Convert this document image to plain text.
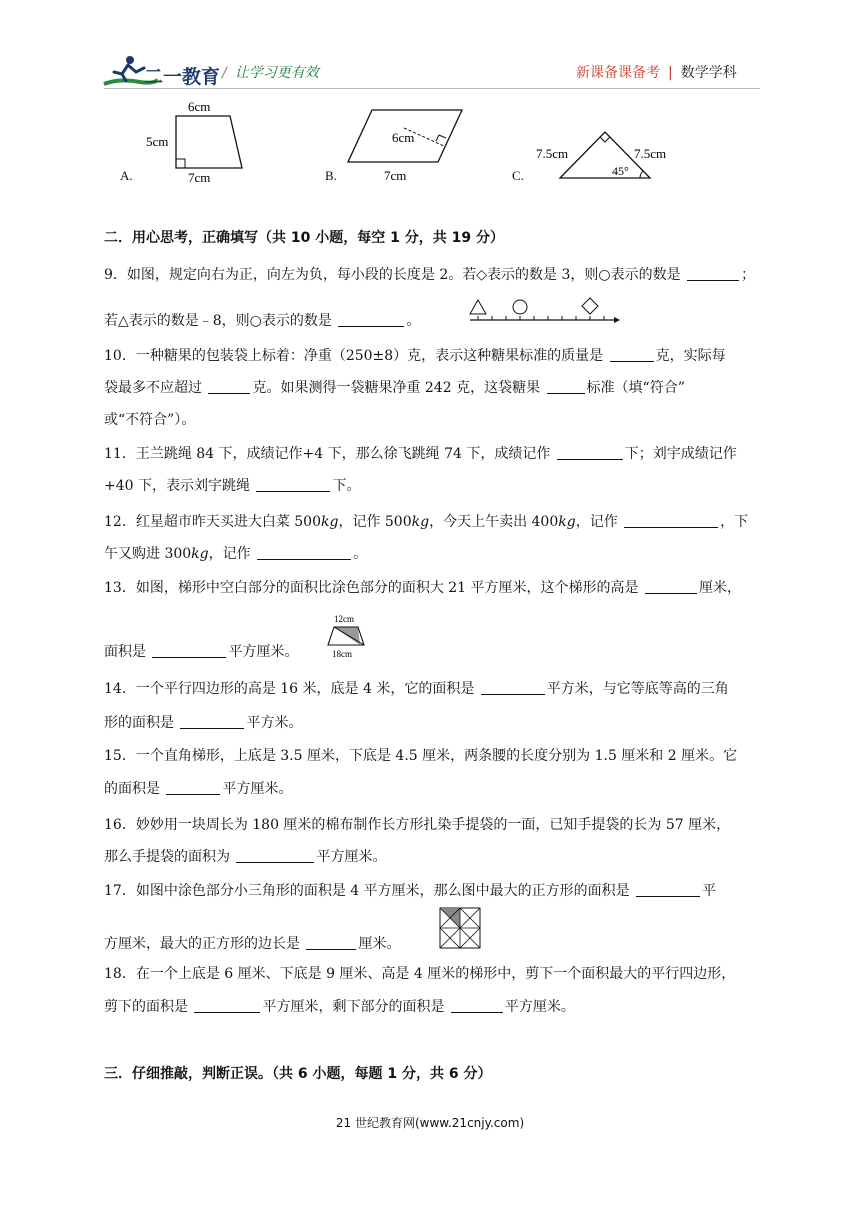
二一教育 / 让学习更有效	新课备课备考 | 数学学科
A.
6cm
5cm
7cm	B.
6cm
7cm	C.
7.5cm	7.5cm
45°
二．用心思考，正确填写（共 10 小题，每空 1 分，共 19 分）
9．如图，规定向右为正，向左为负，每小段的长度是 2。若◇表示的数是 3，则○表示的数是	；
若△表示的数是﹣8，则○表示的数是	。
10．一种糖果的包装袋上标着：净重（250±8）克，表示这种糖果标准的质量是	克，实际每
袋最多不应超过	克。如果测得一袋糖果净重 242 克，这袋糖果	标准（填“符合”
或“不符合”）。
11．王兰跳绳 84 下，成绩记作+4 下，那么徐飞跳绳 74 下，成绩记作	下；刘宇成绩记作
+40 下，表示刘宇跳绳	下。
12．红星超市昨天买进大白菜 500kg，记作 500kg，今天上午卖出 400kg，记作	，下
午又购进 300kg，记作	。
13．如图，梯形中空白部分的面积比涂色部分的面积大 21 平方厘米，这个梯形的高是	厘米，
面积是	平方厘米。
12cm
18cm
14．一个平行四边形的高是 16 米，底是 4 米，它的面积是	平方米，与它等底等高的三角
形的面积是	平方米。
15．一个直角梯形，上底是 3.5 厘米，下底是 4.5 厘米，两条腰的长度分别为 1.5 厘米和 2 厘米。它
的面积是	平方厘米。
16．妙妙用一块周长为 180 厘米的棉布制作长方形扎染手提袋的一面，已知手提袋的长为 57 厘米，
那么手提袋的面积为	平方厘米。
17．如图中涂色部分小三角形的面积是 4 平方厘米，那么图中最大的正方形的面积是	平
方厘米，最大的正方形的边长是	厘米。
18．在一个上底是 6 厘米、下底是 9 厘米、高是 4 厘米的梯形中，剪下一个面积最大的平行四边形，
剪下的面积是	平方厘米，剩下部分的面积是	平方厘米。
三．仔细推敲，判断正误。（共 6 小题，每题 1 分，共 6 分）
21 世纪教育网(www.21cnjy.com)
